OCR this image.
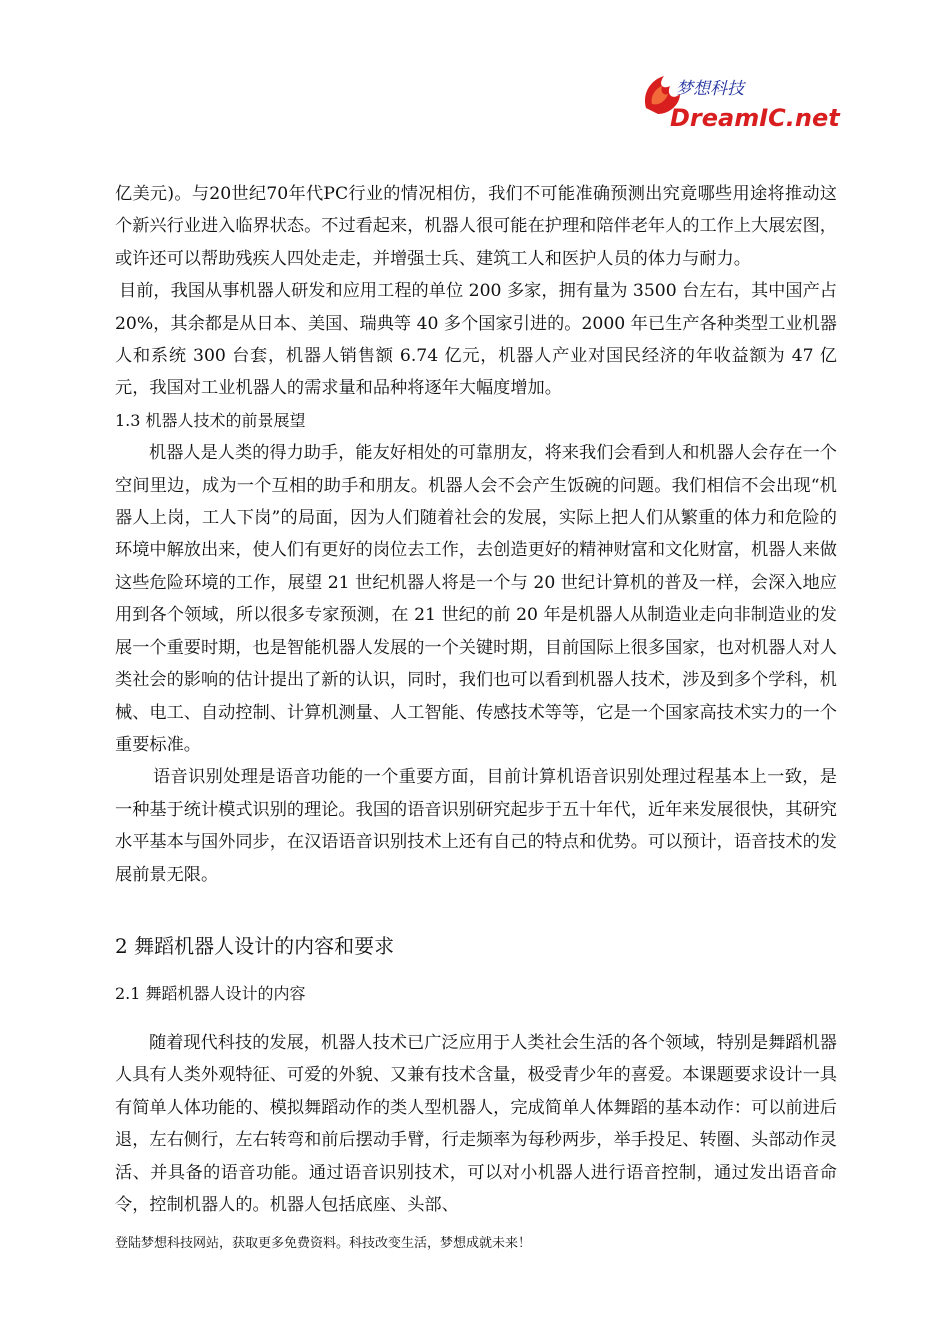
梦想科技
DreamIC.net

亿美元)。与20世纪70年代PC行业的情况相仿，我们不可能准确预测出究竟哪些用途将推动这个新兴行业进入临界状态。不过看起来，机器人很可能在护理和陪伴老年人的工作上大展宏图，或许还可以帮助残疾人四处走走，并增强士兵、建筑工人和医护人员的体力与耐力。

目前，我国从事机器人研发和应用工程的单位 200 多家，拥有量为 3500 台左右，其中国产占 20%，其余都是从日本、美国、瑞典等 40 多个国家引进的。2000 年已生产各种类型工业机器人和系统 300 台套，机器人销售额 6.74 亿元，机器人产业对国民经济的年收益额为 47 亿元，我国对工业机器人的需求量和品种将逐年大幅度增加。

1.3 机器人技术的前景展望

机器人是人类的得力助手，能友好相处的可靠朋友，将来我们会看到人和机器人会存在一个空间里边，成为一个互相的助手和朋友。机器人会不会产生饭碗的问题。我们相信不会出现“机器人上岗，工人下岗”的局面，因为人们随着社会的发展，实际上把人们从繁重的体力和危险的环境中解放出来，使人们有更好的岗位去工作，去创造更好的精神财富和文化财富，机器人来做这些危险环境的工作，展望 21 世纪机器人将是一个与 20 世纪计算机的普及一样，会深入地应用到各个领域，所以很多专家预测，在 21 世纪的前 20 年是机器人从制造业走向非制造业的发展一个重要时期，也是智能机器人发展的一个关键时期，目前国际上很多国家，也对机器人对人类社会的影响的估计提出了新的认识，同时，我们也可以看到机器人技术，涉及到多个学科，机械、电工、自动控制、计算机测量、人工智能、传感技术等等，它是一个国家高技术实力的一个重要标准。

语音识别处理是语音功能的一个重要方面，目前计算机语音识别处理过程基本上一致，是一种基于统计模式识别的理论。我国的语音识别研究起步于五十年代，近年来发展很快，其研究水平基本与国外同步，在汉语语音识别技术上还有自己的特点和优势。可以预计，语音技术的发展前景无限。

2 舞蹈机器人设计的内容和要求

2.1 舞蹈机器人设计的内容

随着现代科技的发展，机器人技术已广泛应用于人类社会生活的各个领域，特别是舞蹈机器人具有人类外观特征、可爱的外貌、又兼有技术含量，极受青少年的喜爱。本课题要求设计一具有简单人体功能的、模拟舞蹈动作的类人型机器人，完成简单人体舞蹈的基本动作：可以前进后退，左右侧行，左右转弯和前后摆动手臂，行走频率为每秒两步，举手投足、转圈、头部动作灵活、并具备的语音功能。通过语音识别技术，可以对小机器人进行语音控制，通过发出语音命令，控制机器人的。机器人包括底座、头部、

登陆梦想科技网站，获取更多免费资料。科技改变生活，梦想成就未来！
